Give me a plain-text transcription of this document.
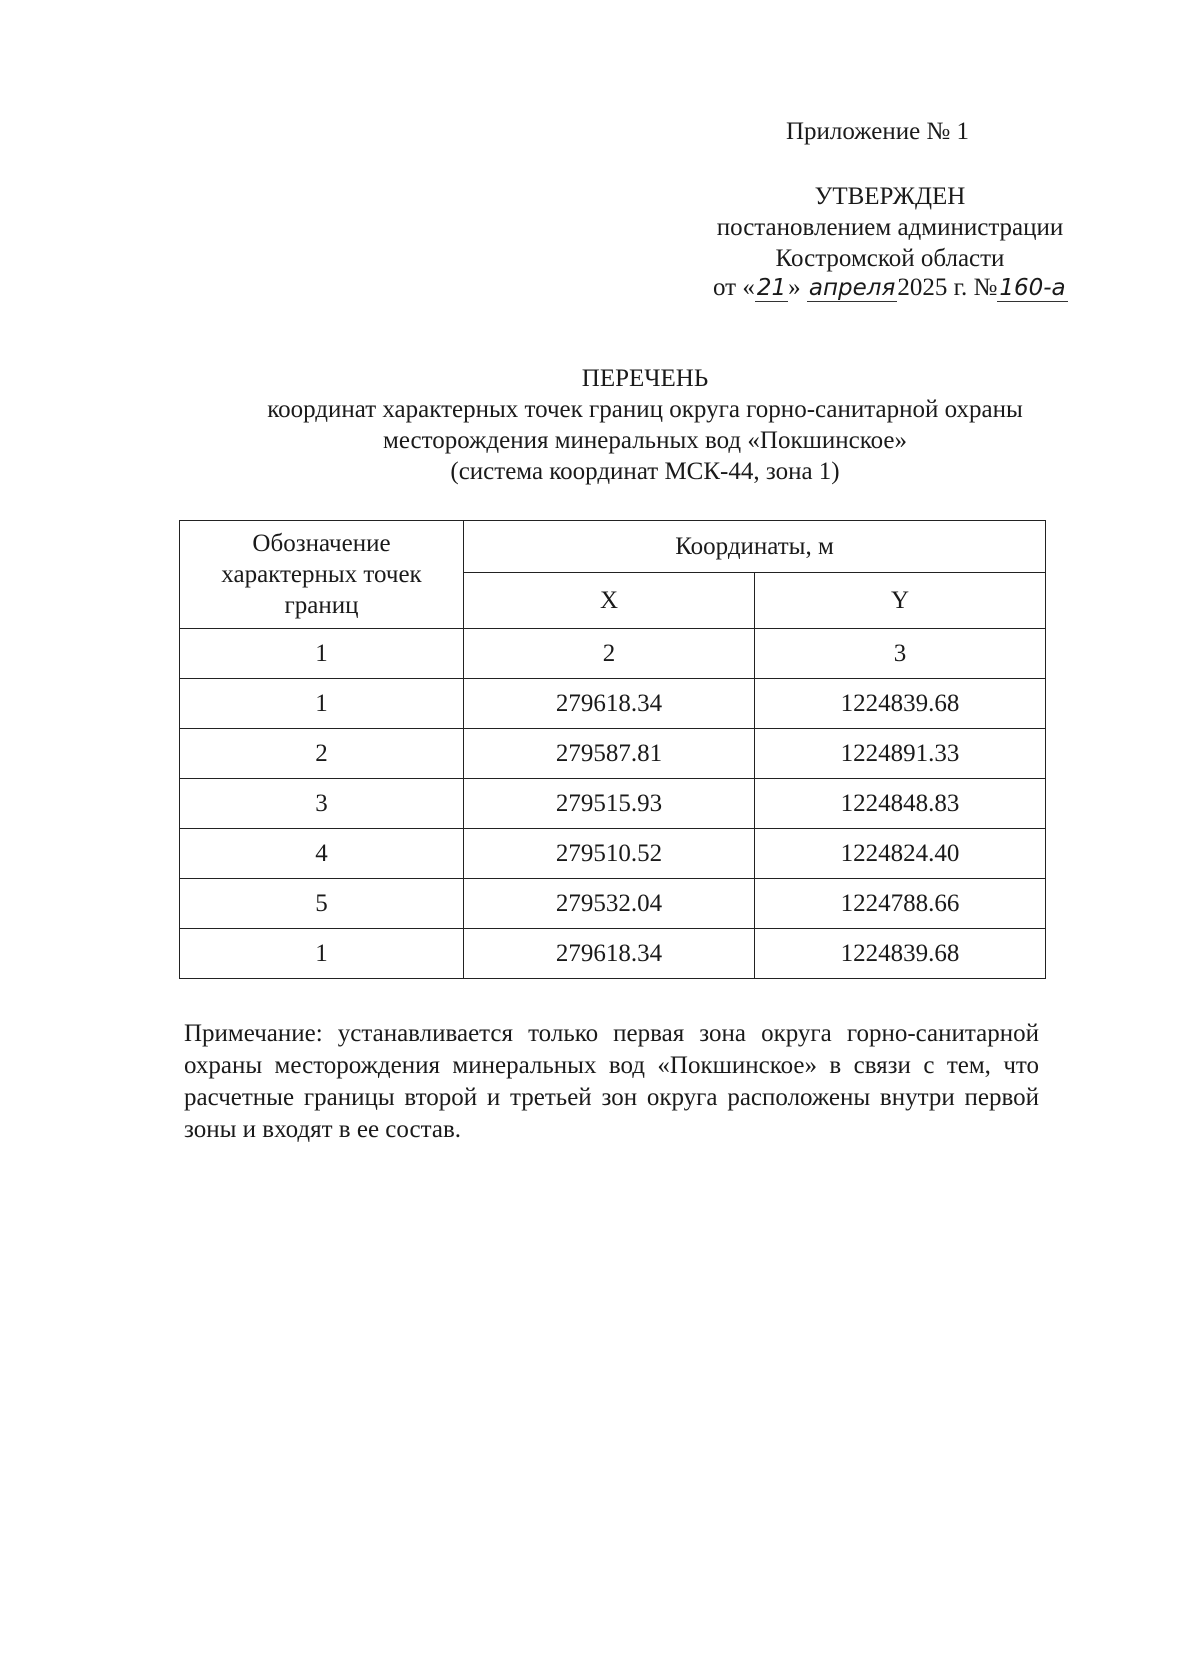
Приложение № 1
УТВЕРЖДЕН
постановлением администрации
Костромской области
от «21» апреля2025 г. №160-а
ПЕРЕЧЕНЬ
координат характерных точек границ округа горно-санитарной охраны
месторождения минеральных вод «Покшинское»
(система координат МСК-44, зона 1)
Обозначение характерных точек границ	Координаты, м	
	X	Y
1	2	3
1	279618.34	1224839.68
2	279587.81	1224891.33
3	279515.93	1224848.83
4	279510.52	1224824.40
5	279532.04	1224788.66
1	279618.34	1224839.68
Примечание: устанавливается только первая зона округа горно-санитарной охраны месторождения минеральных вод «Покшинское» в связи с тем, что расчетные границы второй и третьей зон округа расположены внутри первой зоны и входят в ее состав.
